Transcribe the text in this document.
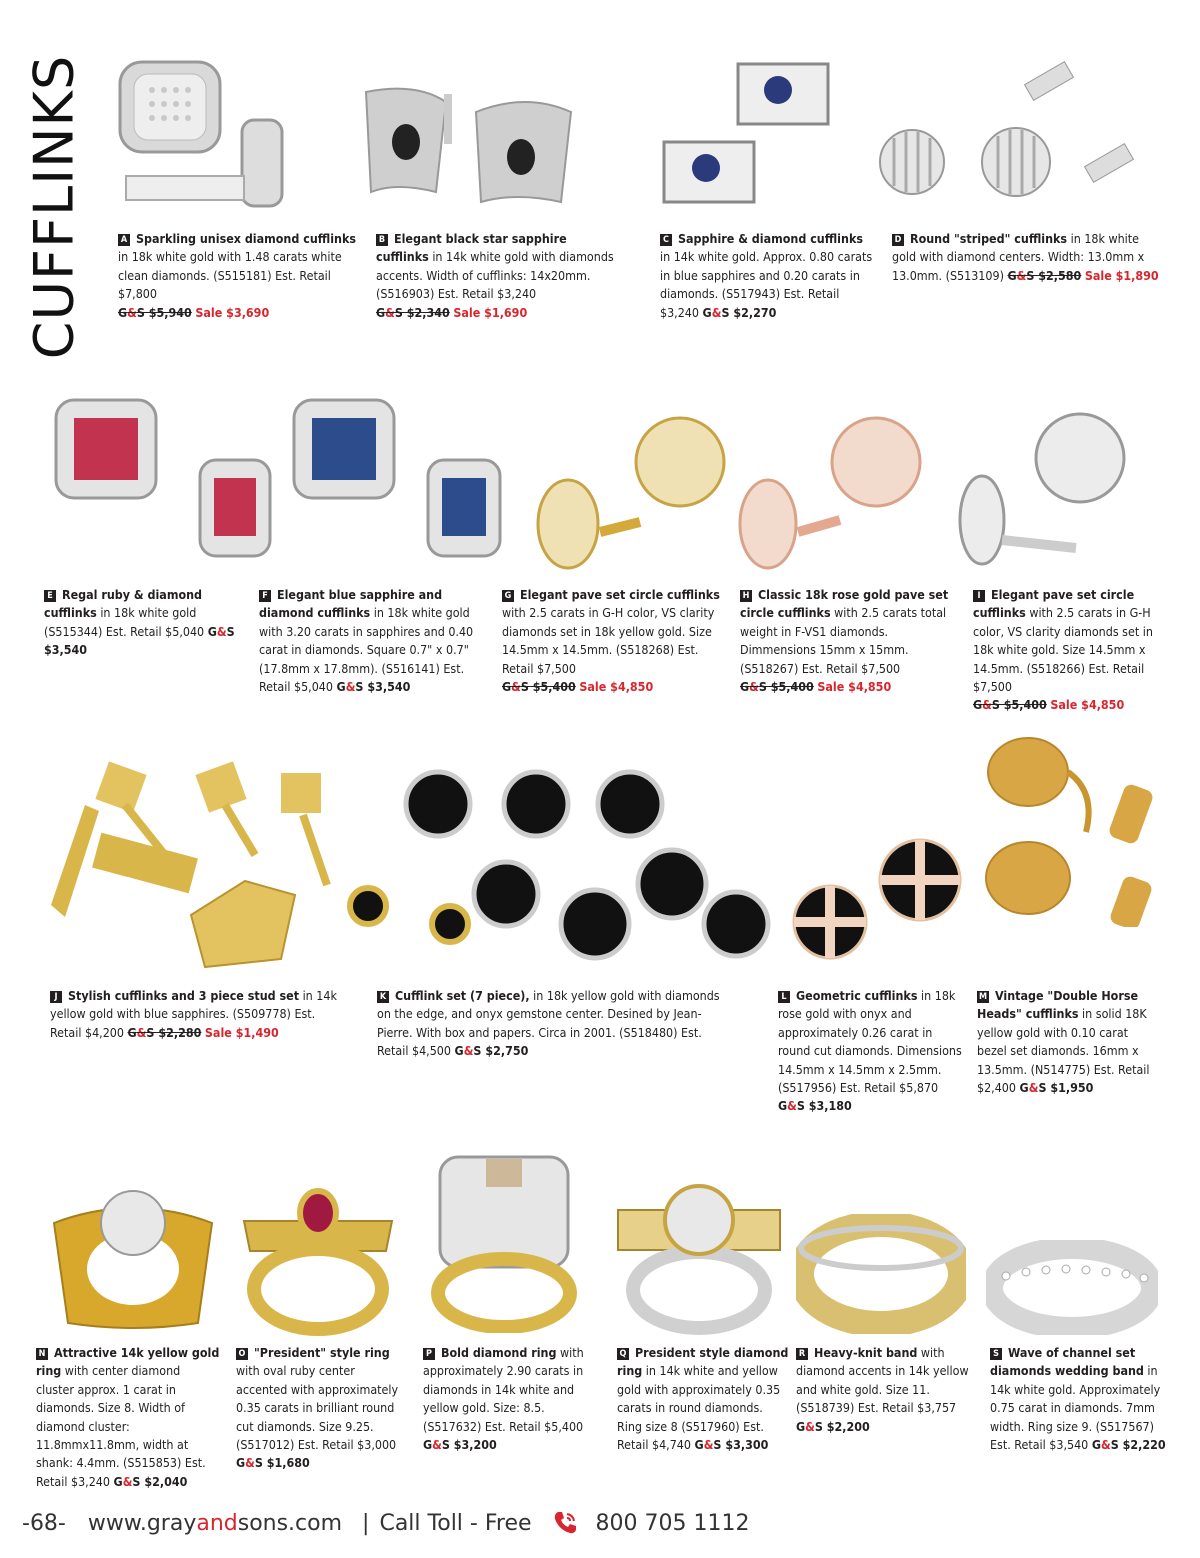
CUFFLINKS	A Sparkling unisex diamond cufflinks in 18k white gold with 1.48 carats white clean diamonds. (S515181) Est. Retail $7,800
G&S $5,940 Sale $3,690
B Elegant black star sapphire cufflinks in 14k white gold with diamonds accents. Width of cufflinks: 14x20mm. (S516903) Est. Retail $3,240
G&S $2,340 Sale $1,690
C Sapphire & diamond cufflinks in 14k white gold. Approx. 0.80 carats in blue sapphires and 0.20 carats in diamonds. (S517943) Est. Retail $3,240 G&S $2,270
D Round "striped" cufflinks in 18k white gold with diamond centers. Width: 13.0mm x 13.0mm. (S513109) G&S $2,580 Sale $1,890
E Regal ruby & diamond cufflinks in 18k white gold (S515344) Est. Retail $5,040 G&S $3,540
F Elegant blue sapphire and diamond cufflinks in 18k white gold with 3.20 carats in sapphires and 0.40 carat in diamonds. Square 0.7" x 0.7" (17.8mm x 17.8mm). (S516141) Est. Retail $5,040 G&S $3,540
G Elegant pave set circle cufflinks with 2.5 carats in G-H color, VS clarity diamonds set in 18k yellow gold. Size 14.5mm x 14.5mm. (S518268) Est. Retail $7,500
G&S $5,400 Sale $4,850
H Classic 18k rose gold pave set circle cufflinks with 2.5 carats total weight in F-VS1 diamonds. Dimmensions 15mm x 15mm. (S518267) Est. Retail $7,500
G&S $5,400 Sale $4,850
I Elegant pave set circle cufflinks with 2.5 carats in G-H color, VS clarity diamonds set in 18k white gold. Size 14.5mm x 14.5mm. (S518266) Est. Retail $7,500
G&S $5,400 Sale $4,850
J Stylish cufflinks and 3 piece stud set in 14k yellow gold with blue sapphires. (S509778) Est. Retail $4,200 G&S $2,280 Sale $1,490
K Cufflink set (7 piece), in 18k yellow gold with diamonds on the edge, and onyx gemstone center. Desined by Jean-Pierre. With box and papers. Circa in 2001. (S518480) Est. Retail $4,500 G&S $2,750
L Geometric cufflinks in 18k rose gold with onyx and approximately 0.26 carat in round cut diamonds. Dimensions 14.5mm x 14.5mm x 2.5mm. (S517956) Est. Retail $5,870 G&S $3,180
M Vintage "Double Horse Heads" cufflinks in solid 18K yellow gold with 0.10 carat bezel set diamonds. 16mm x 13.5mm. (N514775) Est. Retail $2,400 G&S $1,950
N Attractive 14k yellow gold ring with center diamond cluster approx. 1 carat in diamonds. Size 8. Width of diamond cluster: 11.8mmx11.8mm, width at shank: 4.4mm. (S515853) Est. Retail $3,240 G&S $2,040
O "President" style ring with oval ruby center accented with approximately 0.35 carats in brilliant round cut diamonds. Size 9.25. (S517012) Est. Retail $3,000 G&S $1,680
P Bold diamond ring with approximately 2.90 carats in diamonds in 14k white and yellow gold. Size: 8.5. (S517632) Est. Retail $5,400 G&S $3,200
Q President style diamond ring in 14k white and yellow gold with approximately 0.35 carats in round diamonds. Ring size 8 (S517960) Est. Retail $4,740 G&S $3,300
R Heavy-knit band with diamond accents in 14k yellow and white gold. Size 11. (S518739) Est. Retail $3,757 G&S $2,200
S Wave of channel set diamonds wedding band in 14k white gold. Approximately 0.75 carat in diamonds. 7mm width. Ring size 9. (S517567) Est. Retail $3,540 G&S $2,220
-68- www.grayandsons.com | Call Toll - Free	800 705 1112
